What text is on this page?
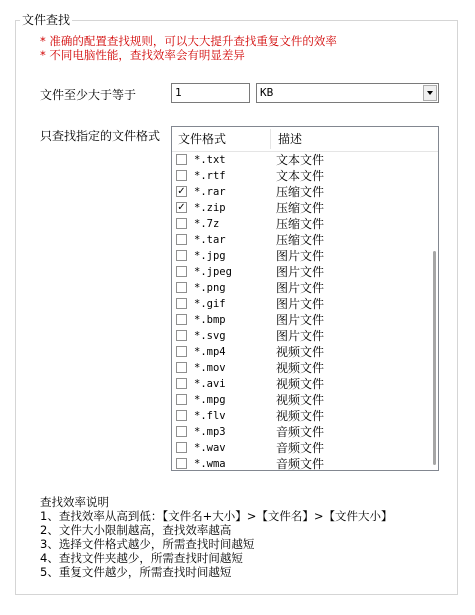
文件查找
* 准确的配置查找规则，可以大大提升查找重复文件的效率
* 不同电脑性能，查找效率会有明显差异
文件至少大于等于	1	KB
只查找指定的文件格式 文件格式	描述
*.txt	文本文件
*.rtf	文本文件
✓ *.rar	压缩文件
✓ *.zip	压缩文件
*.7z	压缩文件
*.tar	压缩文件
*.jpg	图片文件
*.jpeg	图片文件
*.png	图片文件
*.gif	图片文件
*.bmp	图片文件
*.svg	图片文件
*.mp4	视频文件
*.mov	视频文件
*.avi	视频文件
*.mpg	视频文件
*.flv	视频文件
*.mp3	音频文件
*.wav	音频文件
*.wma	音频文件
查找效率说明
1、查找效率从高到低：【文件名+大小】>【文件名】>【文件大小】
2、文件大小限制越高，查找效率越高
3、选择文件格式越少，所需查找时间越短
4、查找文件夹越少，所需查找时间越短
5、重复文件越少，所需查找时间越短
